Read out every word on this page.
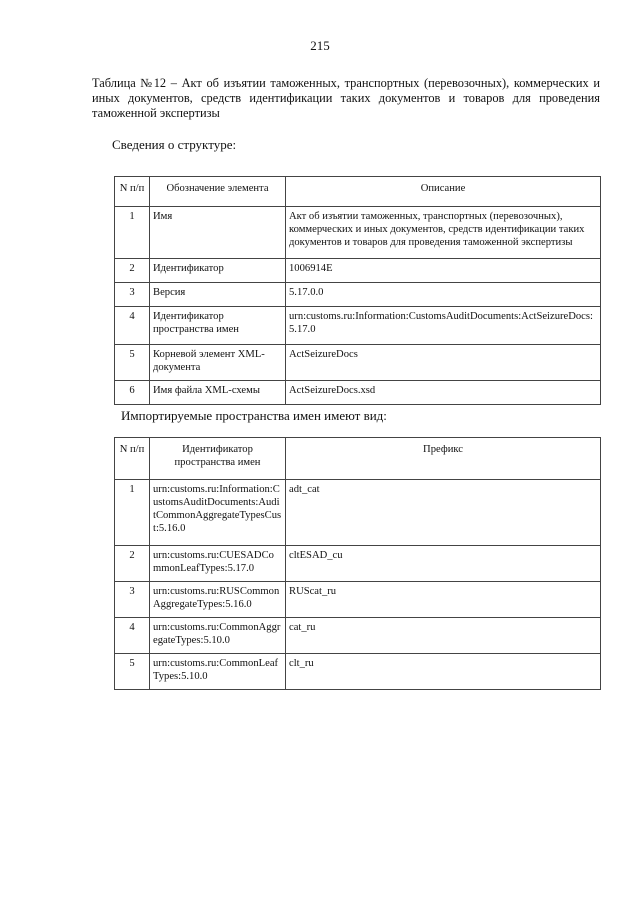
215
Таблица №12 – Акт об изъятии таможенных, транспортных (перевозочных), коммерческих и иных документов, средств идентификации таких документов и товаров для проведения таможенной экспертизы
Сведения о структуре:
N п/п	Обозначение элемента	Описание
1	Имя	Акт об изъятии таможенных, транспортных (перевозочных), коммерческих и иных документов, средств идентификации таких документов и товаров для проведения таможенной экспертизы
2	Идентификатор	1006914E
3	Версия	5.17.0.0
4	Идентификатор пространства имен	urn:customs.ru:Information:CustomsAuditDocuments:ActSeizureDocs:5.17.0
5	Корневой элемент XML-документа	ActSeizureDocs
6	Имя файла XML-схемы	ActSeizureDocs.xsd
Импортируемые пространства имен имеют вид:
N п/п	Идентификатор пространства имен	Префикс
1	urn:customs.ru:Information:CustomsAuditDocuments:AuditCommonAggregateTypesCust:5.16.0	adt_cat
2	urn:customs.ru:CUESADCommonLeafTypes:5.17.0	cltESAD_cu
3	urn:customs.ru:RUSCommonAggregateTypes:5.16.0	RUScat_ru
4	urn:customs.ru:CommonAggregateTypes:5.10.0	cat_ru
5	urn:customs.ru:CommonLeafTypes:5.10.0	clt_ru
